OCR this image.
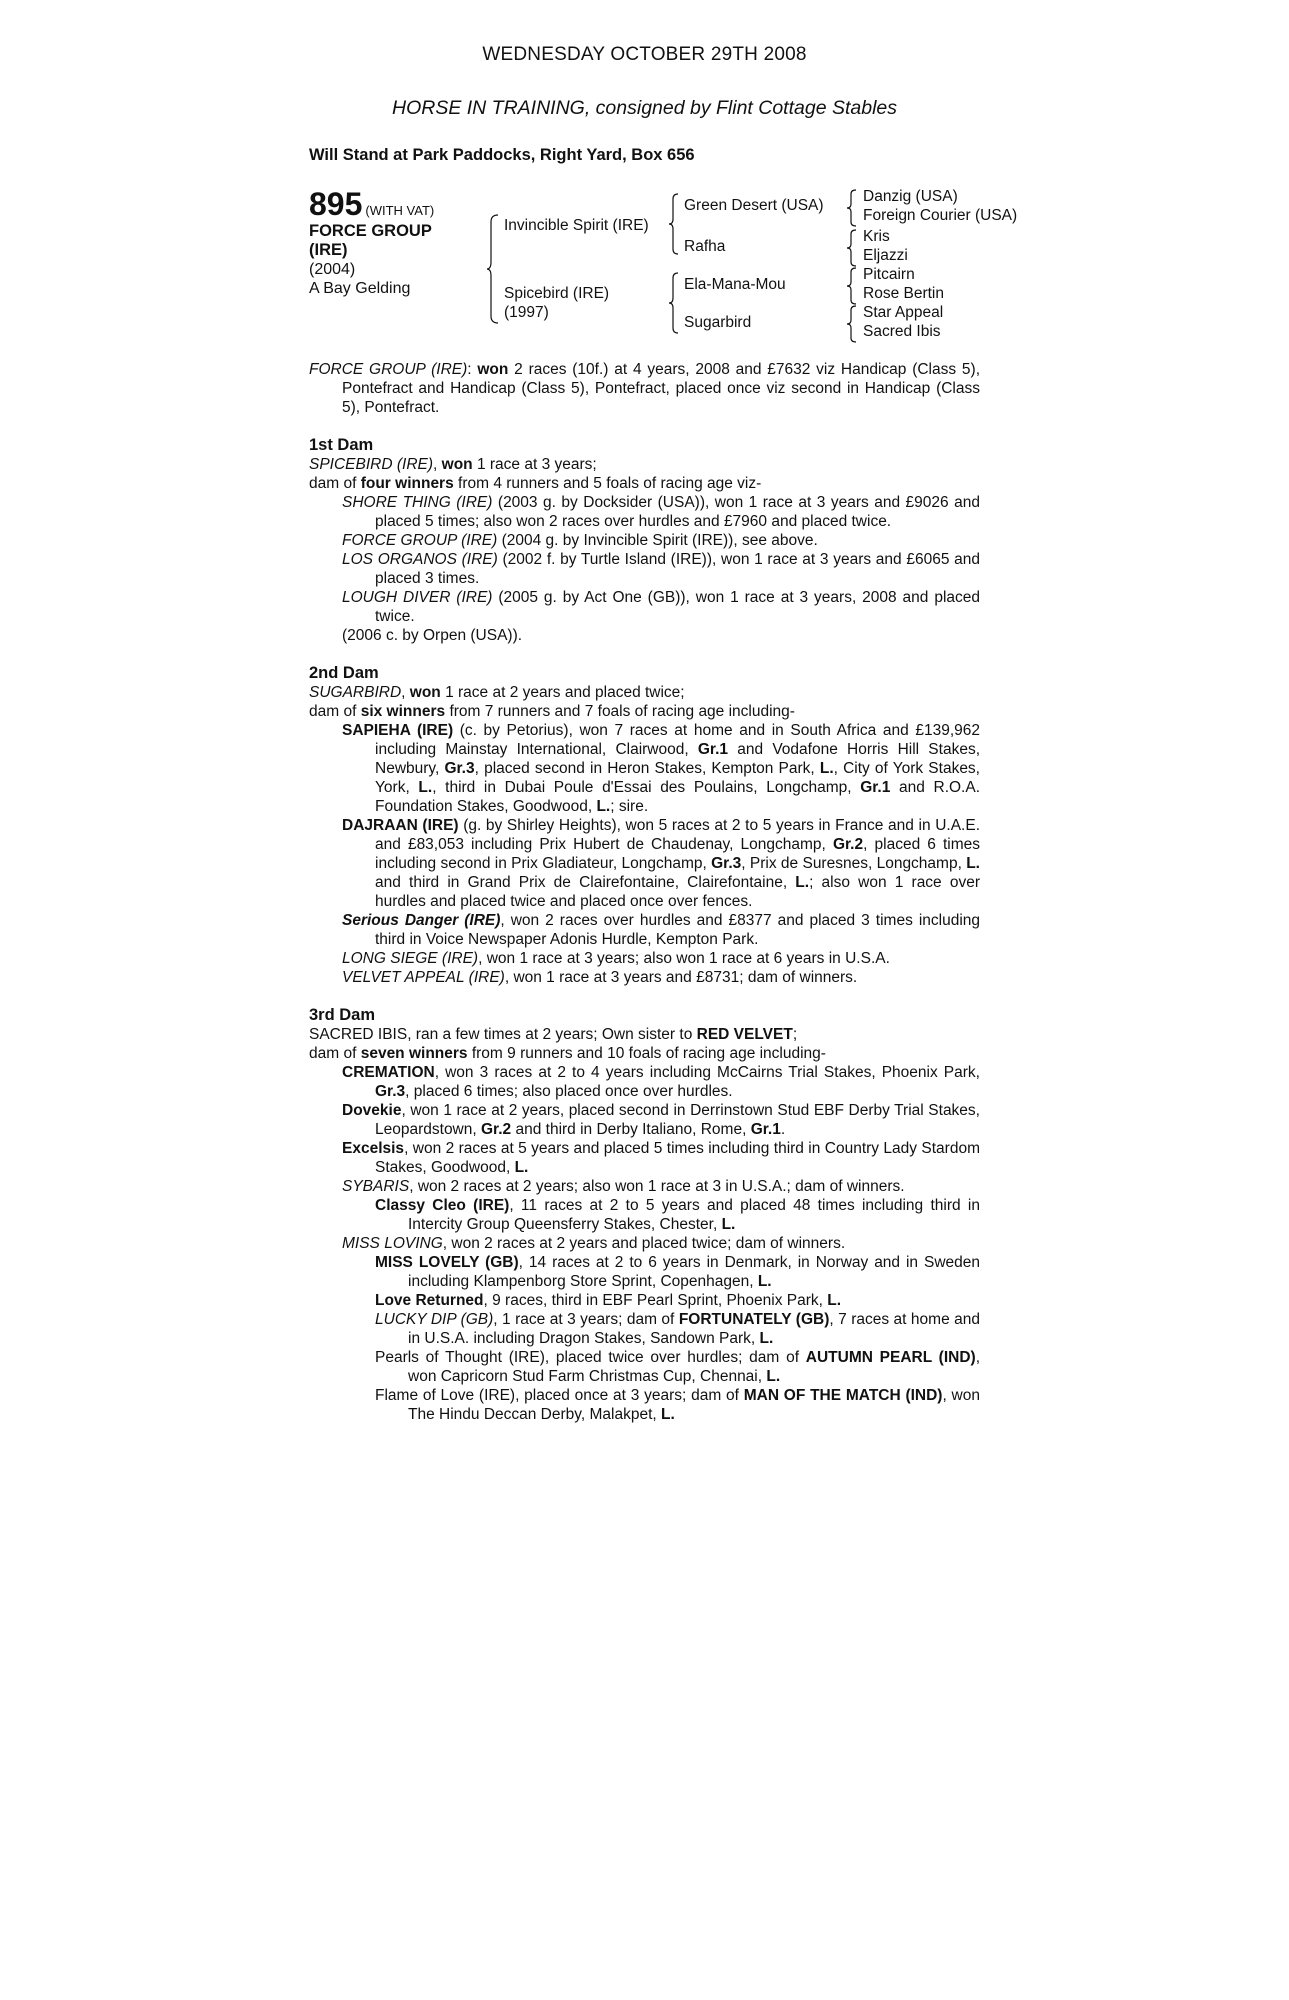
WEDNESDAY OCTOBER 29TH 2008
HORSE IN TRAINING, consigned by Flint Cottage Stables
Will Stand at Park Paddocks, Right Yard, Box 656
895 (WITH VAT)
FORCE GROUP
(IRE)
(2004)
A Bay Gelding
Invincible Spirit (IRE)
Spicebird (IRE)
(1997)
Green Desert (USA)
Rafha
Ela-Mana-Mou
Sugarbird
Danzig (USA)
Foreign Courier (USA)
Kris
Eljazzi
Pitcairn
Rose Bertin
Star Appeal
Sacred Ibis

FORCE GROUP (IRE): won 2 races (10f.) at 4 years, 2008 and £7632 viz Handicap (Class 5), Pontefract and Handicap (Class 5), Pontefract, placed once viz second in Handicap (Class 5), Pontefract.

1st Dam

SPICEBIRD (IRE), won 1 race at 3 years;

dam of four winners from 4 runners and 5 foals of racing age viz-

SHORE THING (IRE) (2003 g. by Docksider (USA)), won 1 race at 3 years and £9026 and placed 5 times; also won 2 races over hurdles and £7960 and placed twice.

FORCE GROUP (IRE) (2004 g. by Invincible Spirit (IRE)), see above.

LOS ORGANOS (IRE) (2002 f. by Turtle Island (IRE)), won 1 race at 3 years and £6065 and placed 3 times.

LOUGH DIVER (IRE) (2005 g. by Act One (GB)), won 1 race at 3 years, 2008 and placed twice.

(2006 c. by Orpen (USA)).

2nd Dam

SUGARBIRD, won 1 race at 2 years and placed twice;

dam of six winners from 7 runners and 7 foals of racing age including-

SAPIEHA (IRE) (c. by Petorius), won 7 races at home and in South Africa and £139,962 including Mainstay International, Clairwood, Gr.1 and Vodafone Horris Hill Stakes, Newbury, Gr.3, placed second in Heron Stakes, Kempton Park, L., City of York Stakes, York, L., third in Dubai Poule d'Essai des Poulains, Longchamp, Gr.1 and R.O.A. Foundation Stakes, Goodwood, L.; sire.

DAJRAAN (IRE) (g. by Shirley Heights), won 5 races at 2 to 5 years in France and in U.A.E. and £83,053 including Prix Hubert de Chaudenay, Longchamp, Gr.2, placed 6 times including second in Prix Gladiateur, Longchamp, Gr.3, Prix de Suresnes, Longchamp, L. and third in Grand Prix de Clairefontaine, Clairefontaine, L.; also won 1 race over hurdles and placed twice and placed once over fences.

Serious Danger (IRE), won 2 races over hurdles and £8377 and placed 3 times including third in Voice Newspaper Adonis Hurdle, Kempton Park.

LONG SIEGE (IRE), won 1 race at 3 years; also won 1 race at 6 years in U.S.A.

VELVET APPEAL (IRE), won 1 race at 3 years and £8731; dam of winners.

3rd Dam

SACRED IBIS, ran a few times at 2 years; Own sister to RED VELVET;

dam of seven winners from 9 runners and 10 foals of racing age including-

CREMATION, won 3 races at 2 to 4 years including McCairns Trial Stakes, Phoenix Park, Gr.3, placed 6 times; also placed once over hurdles.

Dovekie, won 1 race at 2 years, placed second in Derrinstown Stud EBF Derby Trial Stakes, Leopardstown, Gr.2 and third in Derby Italiano, Rome, Gr.1.

Excelsis, won 2 races at 5 years and placed 5 times including third in Country Lady Stardom Stakes, Goodwood, L.

SYBARIS, won 2 races at 2 years; also won 1 race at 3 in U.S.A.; dam of winners.

Classy Cleo (IRE), 11 races at 2 to 5 years and placed 48 times including third in Intercity Group Queensferry Stakes, Chester, L.

MISS LOVING, won 2 races at 2 years and placed twice; dam of winners.

MISS LOVELY (GB), 14 races at 2 to 6 years in Denmark, in Norway and in Sweden including Klampenborg Store Sprint, Copenhagen, L.

Love Returned, 9 races, third in EBF Pearl Sprint, Phoenix Park, L.

LUCKY DIP (GB), 1 race at 3 years; dam of FORTUNATELY (GB), 7 races at home and in U.S.A. including Dragon Stakes, Sandown Park, L.

Pearls of Thought (IRE), placed twice over hurdles; dam of AUTUMN PEARL (IND), won Capricorn Stud Farm Christmas Cup, Chennai, L.

Flame of Love (IRE), placed once at 3 years; dam of MAN OF THE MATCH (IND), won The Hindu Deccan Derby, Malakpet, L.
